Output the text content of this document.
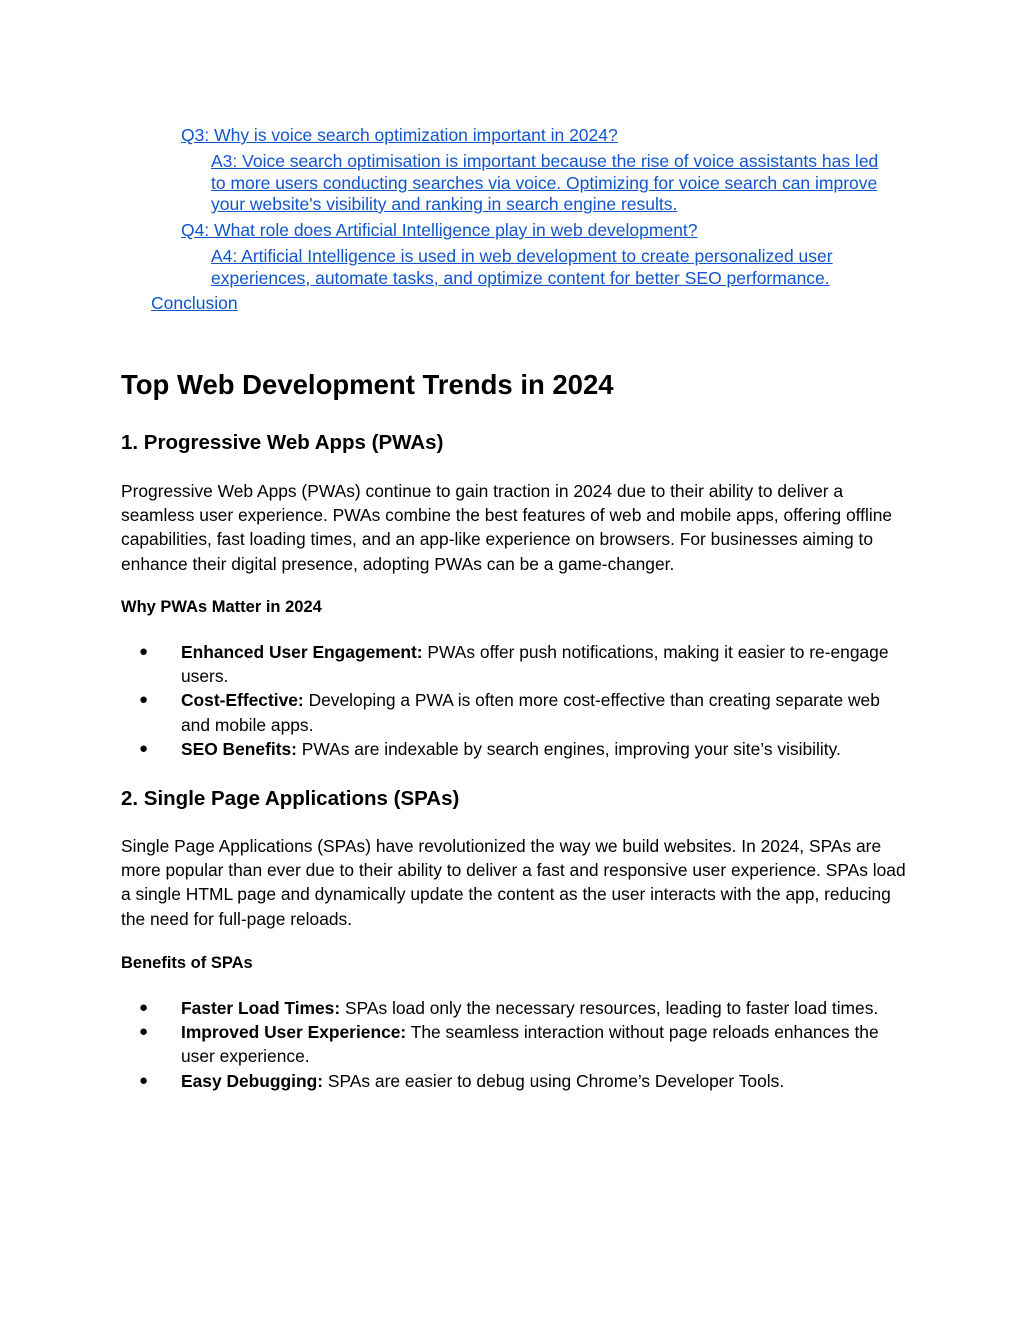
Q3: Why is voice search optimization important in 2024?
A3: Voice search optimisation is important because the rise of voice assistants has led to more users conducting searches via voice. Optimizing for voice search can improve your website's visibility and ranking in search engine results.
Q4: What role does Artificial Intelligence play in web development?
A4: Artificial Intelligence is used in web development to create personalized user experiences, automate tasks, and optimize content for better SEO performance.
Conclusion
Top Web Development Trends in 2024
1. Progressive Web Apps (PWAs)

Progressive Web Apps (PWAs) continue to gain traction in 2024 due to their ability to deliver a seamless user experience. PWAs combine the best features of web and mobile apps, offering offline capabilities, fast loading times, and an app-like experience on browsers. For businesses aiming to enhance their digital presence, adopting PWAs can be a game-changer.

Why PWAs Matter in 2024
● Enhanced User Engagement: PWAs offer push notifications, making it easier to re-engage users.
● Cost-Effective: Developing a PWA is often more cost-effective than creating separate web and mobile apps.
● SEO Benefits: PWAs are indexable by search engines, improving your site’s visibility.
2. Single Page Applications (SPAs)

Single Page Applications (SPAs) have revolutionized the way we build websites. In 2024, SPAs are more popular than ever due to their ability to deliver a fast and responsive user experience. SPAs load a single HTML page and dynamically update the content as the user interacts with the app, reducing the need for full-page reloads.

Benefits of SPAs
● Faster Load Times: SPAs load only the necessary resources, leading to faster load times.
● Improved User Experience: The seamless interaction without page reloads enhances the user experience.
● Easy Debugging: SPAs are easier to debug using Chrome’s Developer Tools.
